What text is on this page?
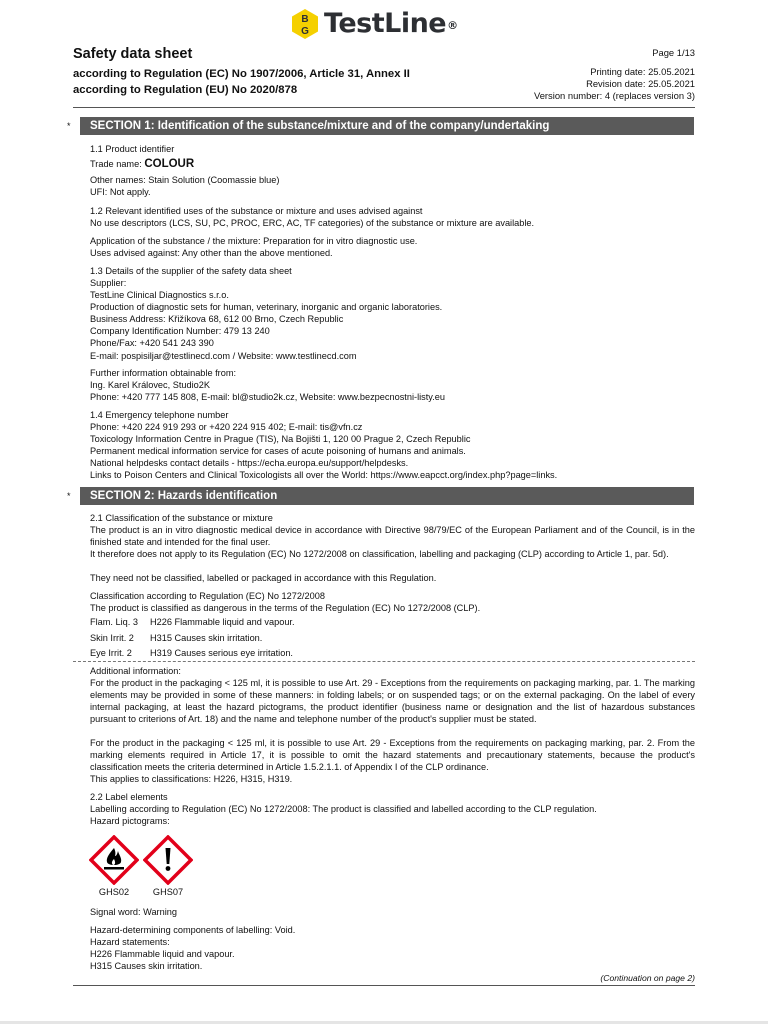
B
G TestLine®
Safety data sheet
according to Regulation (EC) No 1907/2006, Article 31, Annex II
according to Regulation (EU) No 2020/878
Page 1/13
Printing date: 25.05.2021
Revision date: 25.05.2021
Version number: 4 (replaces version 3)
*	SECTION 1: Identification of the substance/mixture and of the company/undertaking
1.1 Product identifier
Trade name: COLOUR
Other names: Stain Solution (Coomassie blue)
UFI: Not apply.
1.2 Relevant identified uses of the substance or mixture and uses advised against
No use descriptors (LCS, SU, PC, PROC, ERC, AC, TF categories) of the substance or mixture are available.
Application of the substance / the mixture: Preparation for in vitro diagnostic use.
Uses advised against: Any other than the above mentioned.
1.3 Details of the supplier of the safety data sheet
Supplier:
TestLine Clinical Diagnostics s.r.o.
Production of diagnostic sets for human, veterinary, inorganic and organic laboratories.
Business Address: Křižíkova 68, 612 00 Brno, Czech Republic
Company Identification Number: 479 13 240
Phone/Fax: +420 541 243 390
E-mail: pospisiljar@testlinecd.com / Website: www.testlinecd.com
Further information obtainable from:
Ing. Karel Královec, Studio2K
Phone: +420 777 145 808, E-mail: bl@studio2k.cz, Website: www.bezpecnostni-listy.eu
1.4 Emergency telephone number
Phone: +420 224 919 293 or +420 224 915 402; E-mail: tis@vfn.cz
Toxicology Information Centre in Prague (TIS), Na Bojišti 1, 120 00 Prague 2, Czech Republic
Permanent medical information service for cases of acute poisoning of humans and animals.
National helpdesks contact details - https://echa.europa.eu/support/helpdesks.
Links to Poison Centers and Clinical Toxicologists all over the World: https://www.eapcct.org/index.php?page=links.
*	SECTION 2: Hazards identification
2.1 Classification of the substance or mixture
The product is an in vitro diagnostic medical device in accordance with Directive 98/79/EC of the European Parliament and of the Council, is in the finished state and intended for the final user.
It therefore does not apply to its Regulation (EC) No 1272/2008 on classification, labelling and packaging (CLP) according to Article 1, par. 5d).
They need not be classified, labelled or packaged in accordance with this Regulation.
Classification according to Regulation (EC) No 1272/2008
The product is classified as dangerous in the terms of the Regulation (EC) No 1272/2008 (CLP).
Flam. Liq. 3	H226 Flammable liquid and vapour.
Skin Irrit. 2	H315 Causes skin irritation.
Eye Irrit. 2	H319 Causes serious eye irritation.
Additional information:
For the product in the packaging < 125 ml, it is possible to use Art. 29 - Exceptions from the requirements on packaging marking, par. 1. The marking elements may be provided in some of these manners: in folding labels; or on suspended tags; or on the external packaging. On the label of every internal packaging, at least the hazard pictograms, the product identifier (business name or designation and the list of hazardous substances pursuant to criterions of Art. 18) and the name and telephone number of the product's supplier must be stated.
For the product in the packaging < 125 ml, it is possible to use Art. 29 - Exceptions from the requirements on packaging marking, par. 2. From the marking elements required in Article 17, it is possible to omit the hazard statements and precautionary statements, because the product's classification meets the criteria determined in Article 1.5.2.1.1. of Appendix I of the CLP ordinance.
This applies to classifications: H226, H315, H319.
2.2 Label elements
Labelling according to Regulation (EC) No 1272/2008: The product is classified and labelled according to the CLP regulation.
Hazard pictograms:
GHS02	GHS07
Signal word: Warning
Hazard-determining components of labelling: Void.
Hazard statements:
H226 Flammable liquid and vapour.
H315 Causes skin irritation.
(Continuation on page 2)
